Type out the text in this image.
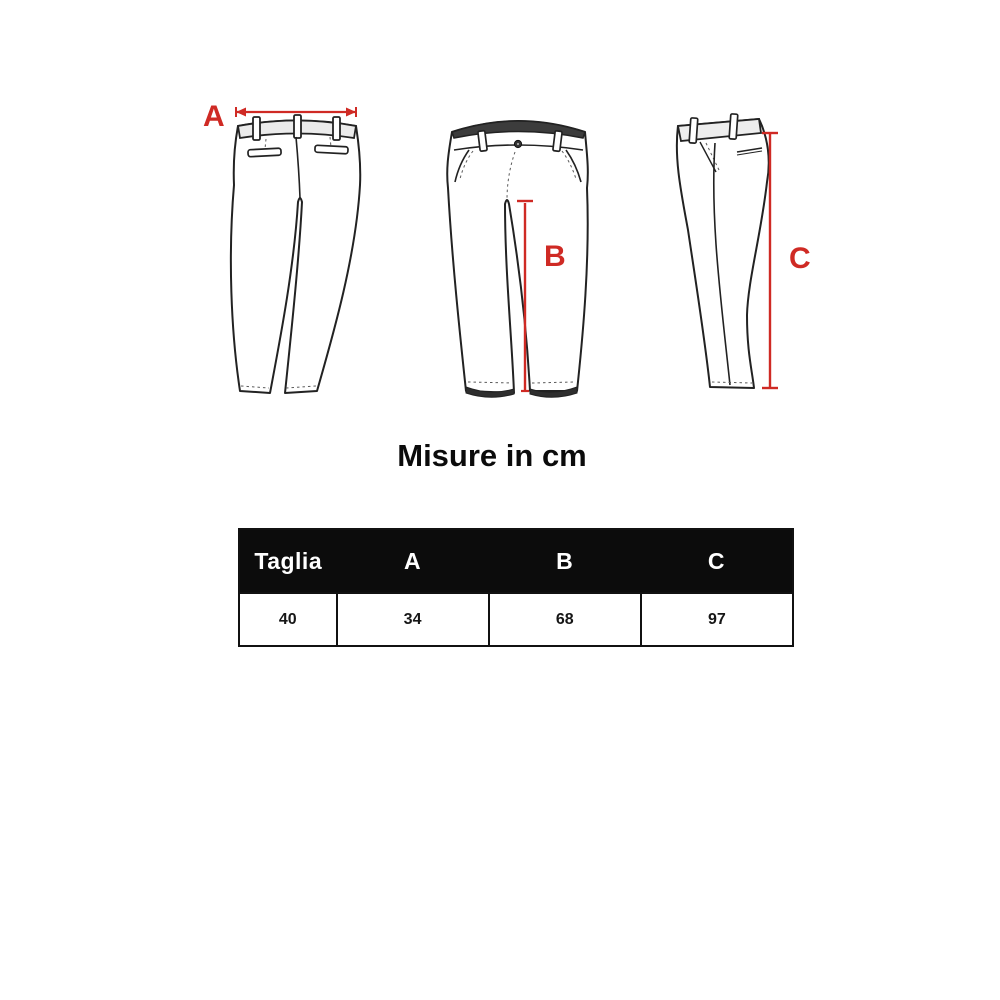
A
B	C
Misure in cm
Taglia	A	B	C
40	34	68	97
